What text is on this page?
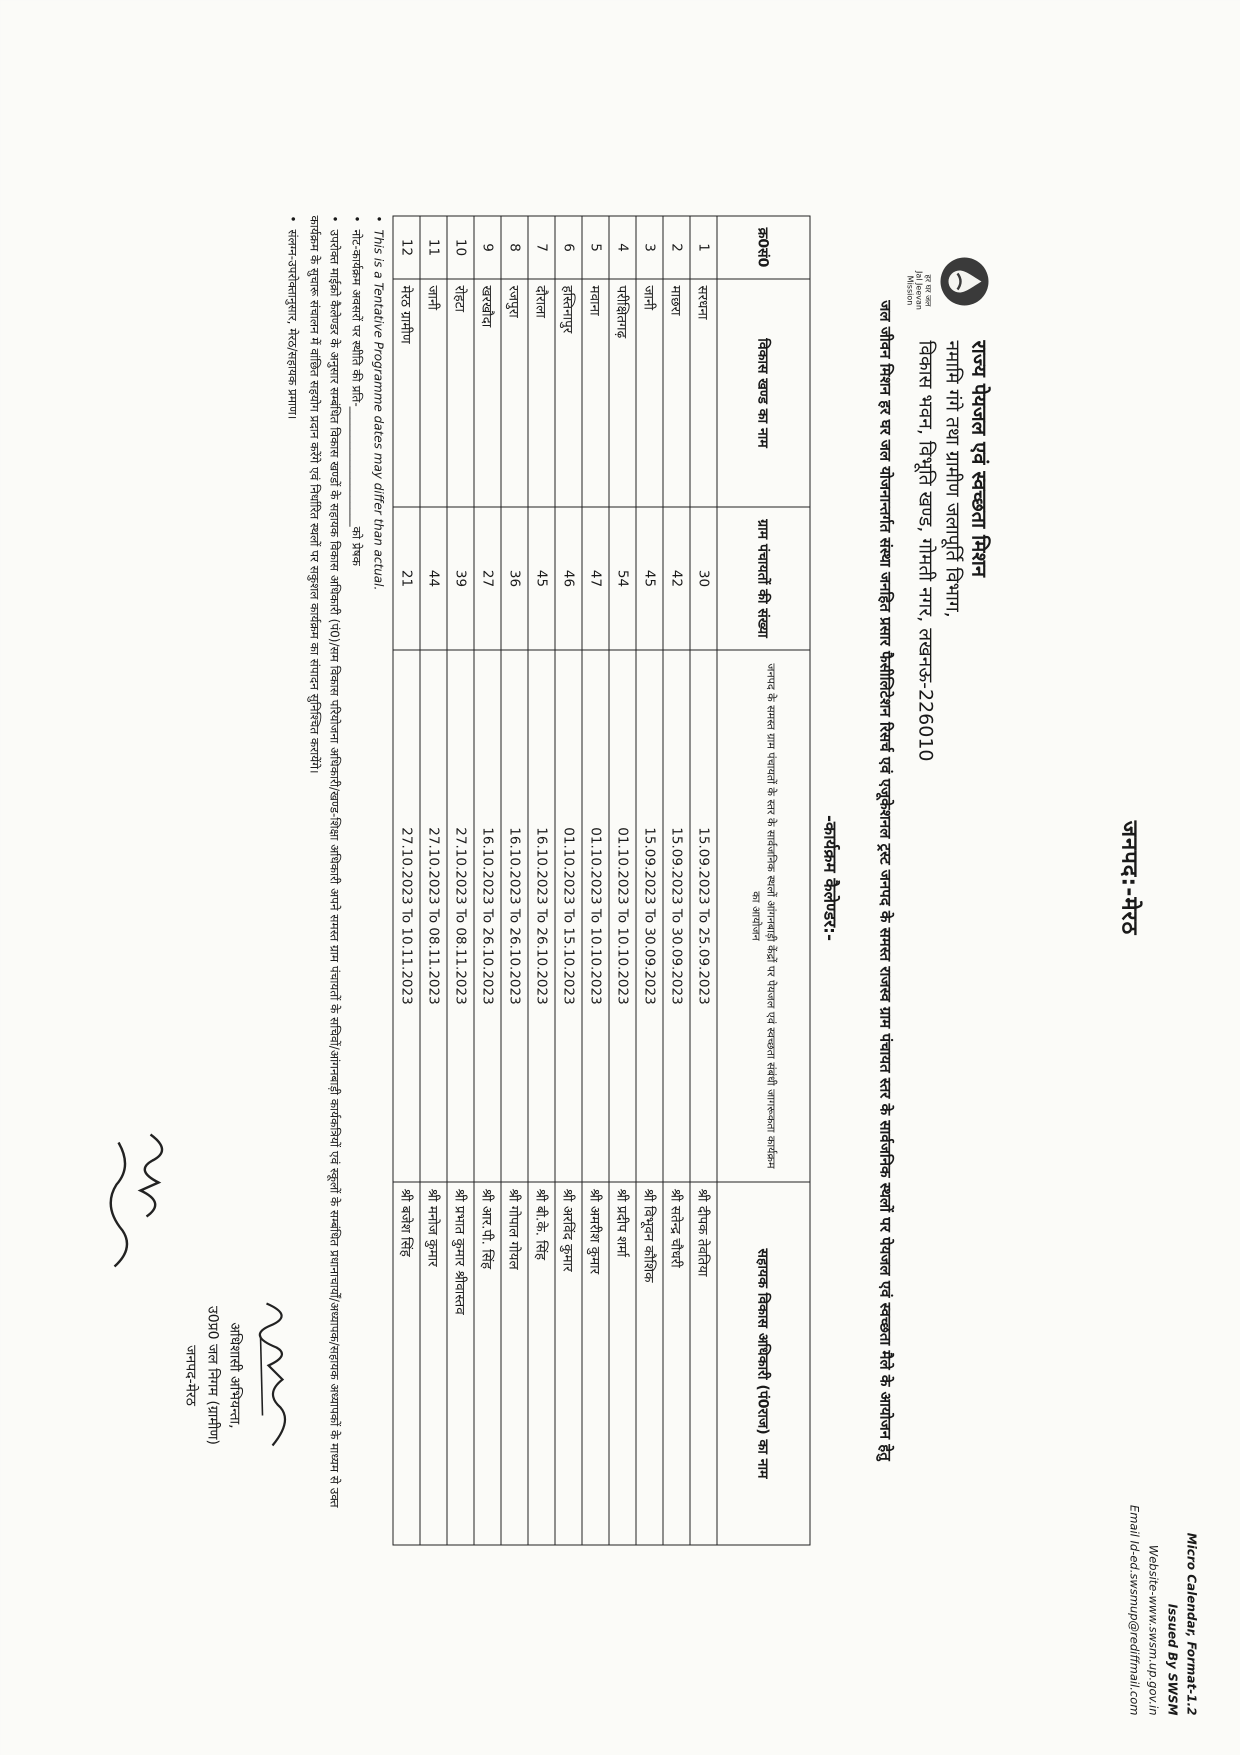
Micro Calendar, Format-1.2
Issued By SWSM
Website-www.swsm.up.gov.in
Email Id-ed.swsmup@rediffmail.com
जनपद:-मेरठ
हर घर जल
Jal Jeevan Mission
राज्य पेयजल एवं स्वच्छता मिशन
नमामि गंगे तथा ग्रामीण जलापूर्ति विभाग,
विकास भवन, विभूति खण्ड, गोमती नगर, लखनऊ-226010
जल जीवन मिशन हर घर जल योजनान्तर्गत संस्था जनहित प्रसार फैसीलिटेशन रिसर्च एवं एजूकेशनल ट्रस्ट जनपद के समस्त राजस्व ग्राम पंचायत स्तर के सार्वजनिक स्थलों पर पेयजल एवं स्वच्छता मैले के आयोजन हेतु
-कार्यक्रम कैलेण्डर:-
क्र0सं0	विकास खण्ड का नाम	ग्राम पंचायतों की संख्या	जनपद के समस्त ग्राम पंचायतों के स्तर के सार्वजनिक स्थलों आंगनबाड़ी केंद्रों पर पेयजल एवं स्वच्छता संबंधी जागरूकता कार्यक्रम का आयोजन	सहायक विकास अधिकारी (पं0राज) का नाम
1	सरधना	30	15.09.2023 To 25.09.2023	श्री दीपक तेवतिया
2	माछरा	42	15.09.2023 To 30.09.2023	श्री सतेन्द्र चौधरी
3	जानी	45	15.09.2023 To 30.09.2023	श्री विभूवन कौशिक
4	परीक्षितगढ़	54	01.10.2023 To 10.10.2023	श्री प्रदीप शर्मा
5	मवाना	47	01.10.2023 To 10.10.2023	श्री अमरीश कुमार
6	हस्तिनापुर	46	01.10.2023 To 15.10.2023	श्री अरविंद कुमार
7	दौराला	45	16.10.2023 To 26.10.2023	श्री बी.के. सिंह
8	रजपुरा	36	16.10.2023 To 26.10.2023	श्री गोपाल गोयल
9	खरखौदा	27	16.10.2023 To 26.10.2023	श्री आर.पी. सिंह
10	रोहटा	39	27.10.2023 To 08.11.2023	श्री प्रभात कुमार श्रीवास्तव
11	जानी	44	27.10.2023 To 08.11.2023	श्री मनोज कुमार
12	मेरठ ग्रामीण	21	27.10.2023 To 10.11.2023	श्री बजेश सिंह
•This is a Tentative Programme dates may differ than actual.
•नोट-कार्यक्रम अवसरों पर स्थीति की प्रति-____________________को प्रेषक
•उपरोक्त माईक्रो कैलेण्डर के अनुसार सम्बंधित विकास खण्डों के सहायक विकास अधिकारी (पं0)/सम विकास परियोजना अधिकारी/खण्ड-शिक्षा अधिकारी अपने समस्त ग्राम पंचायतों के सचिवों/आंगनबाड़ी कार्यकत्रियों एवं स्कूलों के सम्बंधित प्रधानाचार्यों/अध्यापक/सहायक अध्यापकों के माध्यम से उक्त कार्यक्रम के सुचारू संचालन में वांछित सहयोग प्रदान करेंगे एवं निर्धारित स्थलों पर सकुशल कार्यक्रम का संपादन सुनिश्चित करायेंगे।
•संलग्न-उपरोक्तानुसार, मेरठ/सहायक प्रमाण।
अधिशासी अभियन्ता,
उ0प्र0 जल निगम (ग्रामीण)
जनपद-मेरठ
